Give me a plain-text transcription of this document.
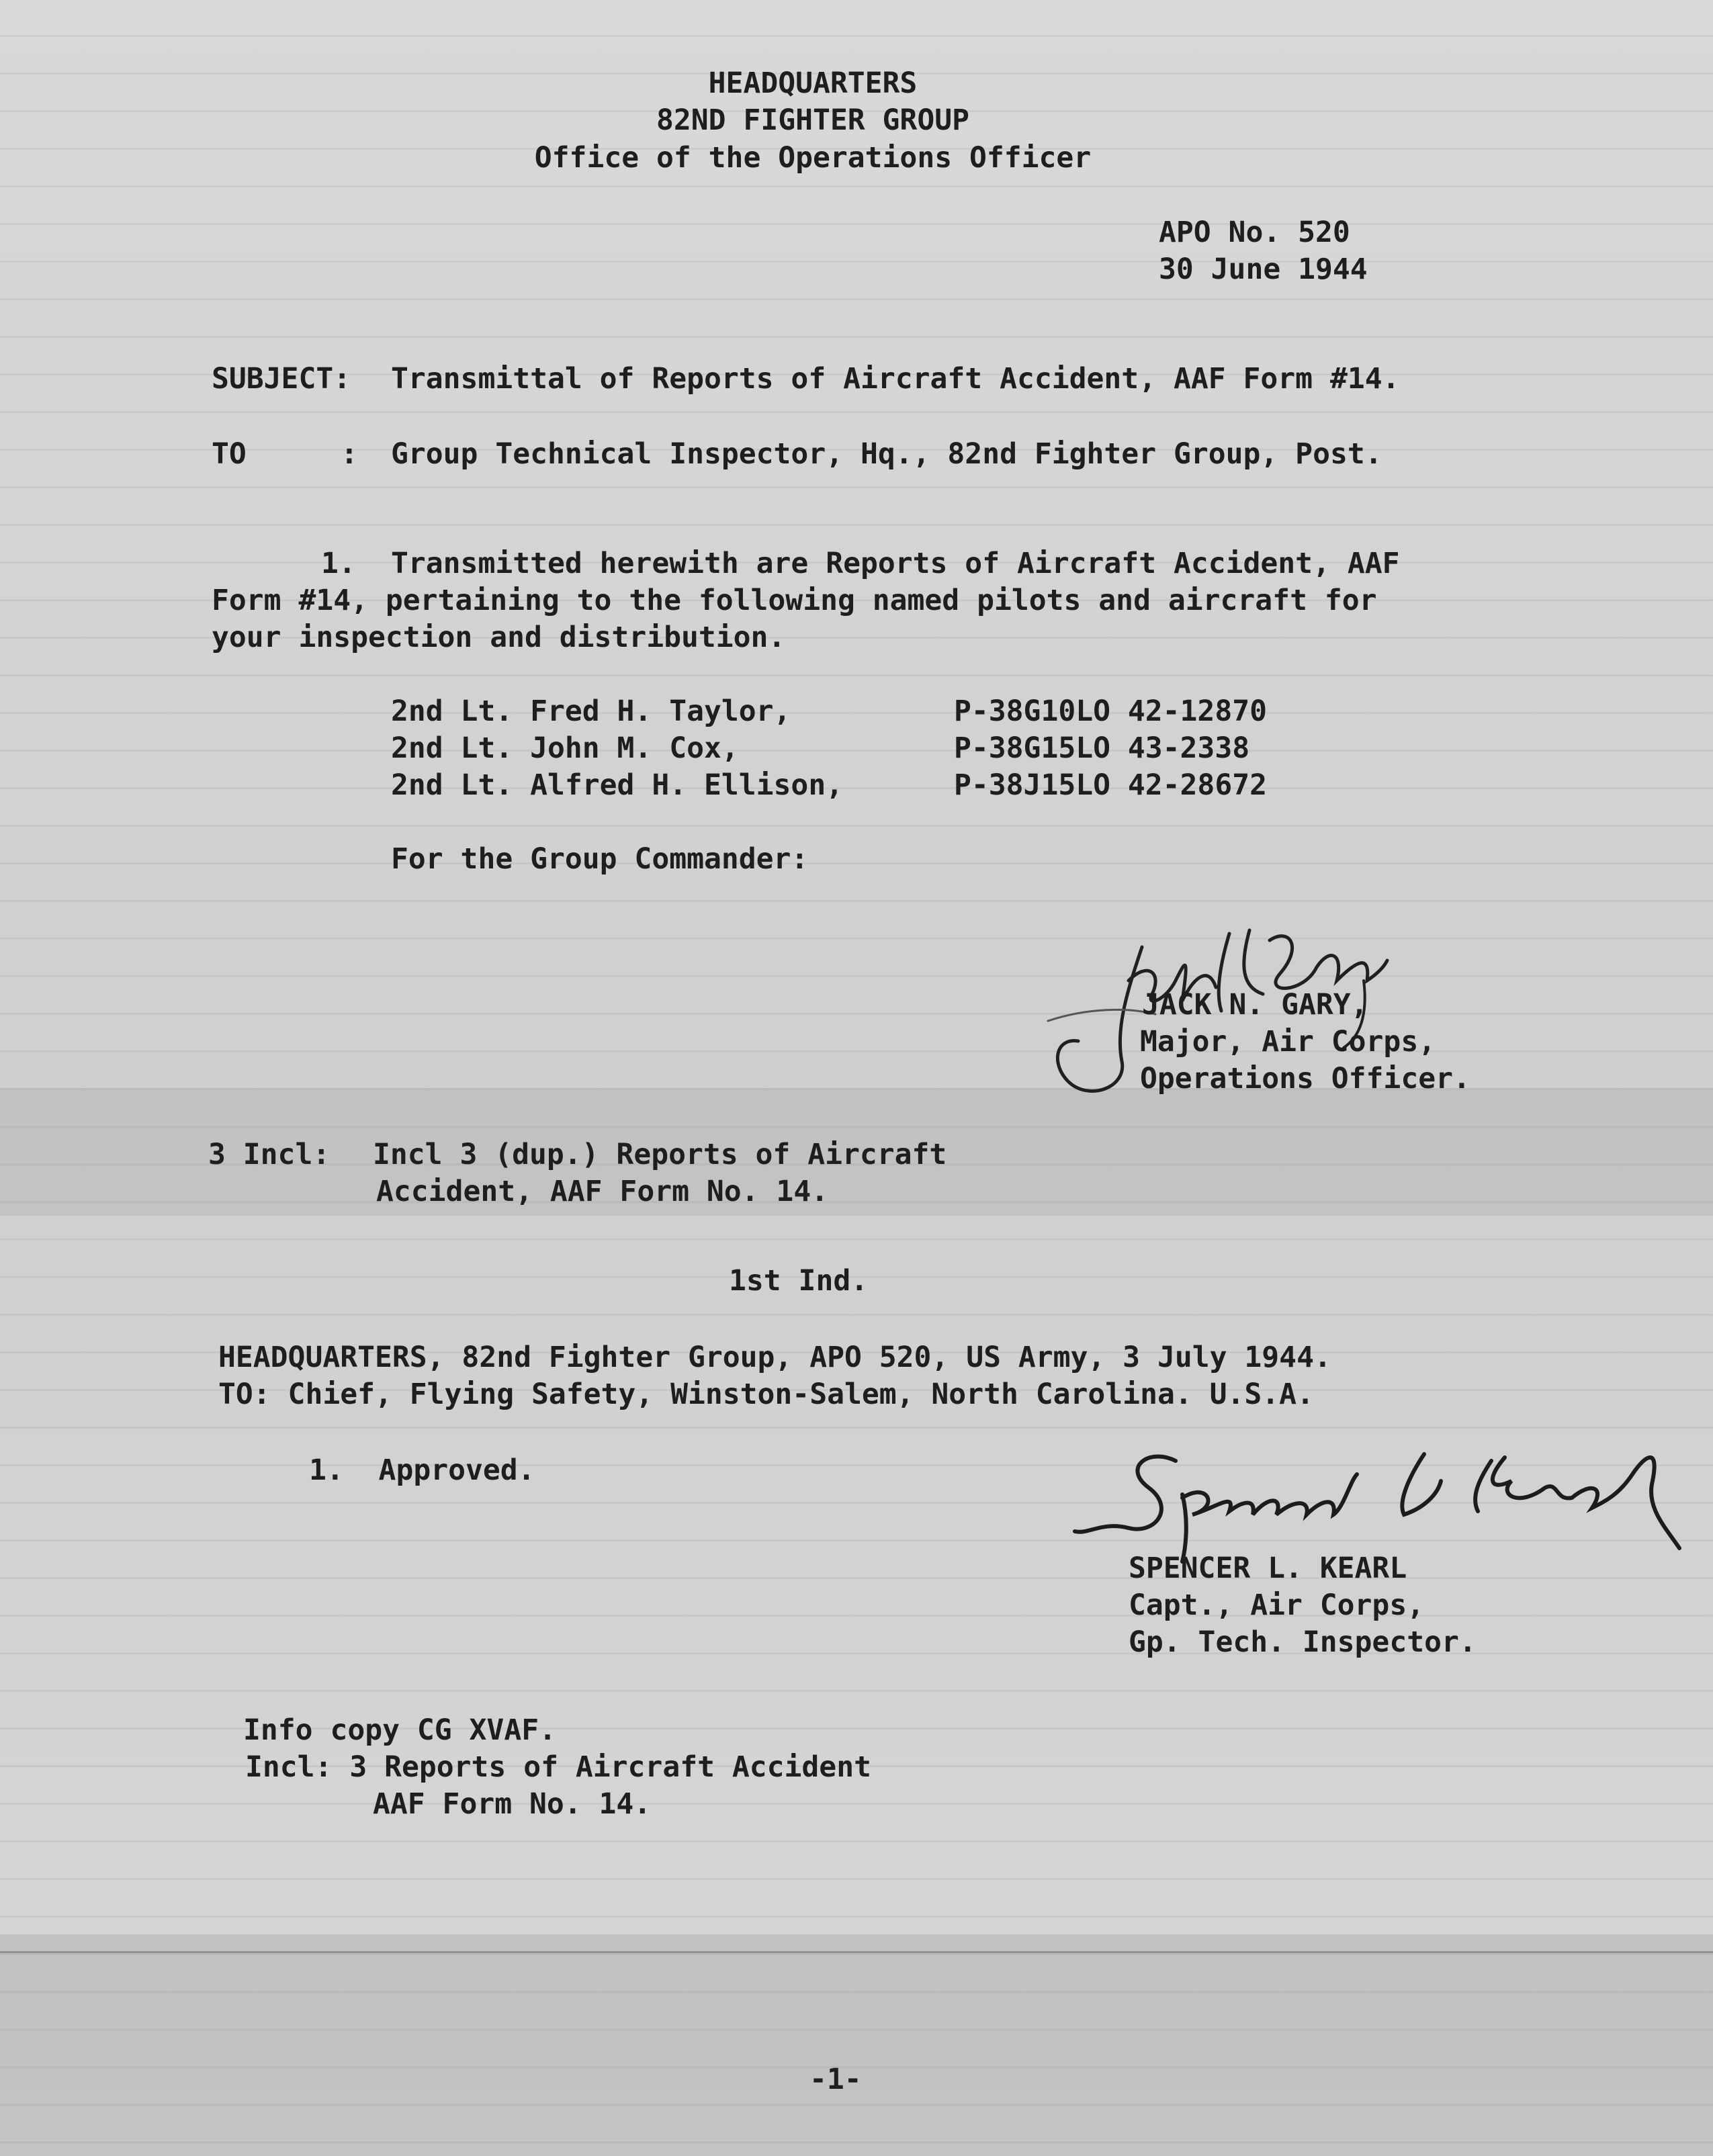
HEADQUARTERS
82ND FIGHTER GROUP
Office of the Operations Officer
APO No. 520
30 June 1944
SUBJECT: Transmittal of Reports of Aircraft Accident, AAF Form #14.
TO	: Group Technical Inspector, Hq., 82nd Fighter Group, Post.
1. Transmitted herewith are Reports of Aircraft Accident, AAF
Form #14, pertaining to the following named pilots and aircraft for
your inspection and distribution.
2nd Lt. Fred H. Taylor,	P-38G10LO 42-12870
2nd Lt. John M. Cox,	P-38G15LO 43-2338
2nd Lt. Alfred H. Ellison,	P-38J15LO 42-28672
For the Group Commander:
JACK N. GARY,
Major, Air Corps,
Operations Officer.
3 Incl: Incl 3 (dup.) Reports of Aircraft
Accident, AAF Form No. 14.
1st Ind.
HEADQUARTERS, 82nd Fighter Group, APO 520, US Army, 3 July 1944.
TO: Chief, Flying Safety, Winston-Salem, North Carolina. U.S.A.
1.  Approved.
SPENCER L. KEARL
Capt., Air Corps,
Gp. Tech. Inspector.
Info copy CG XVAF.
Incl: 3 Reports of Aircraft Accident
AAF Form No. 14.
-1-
